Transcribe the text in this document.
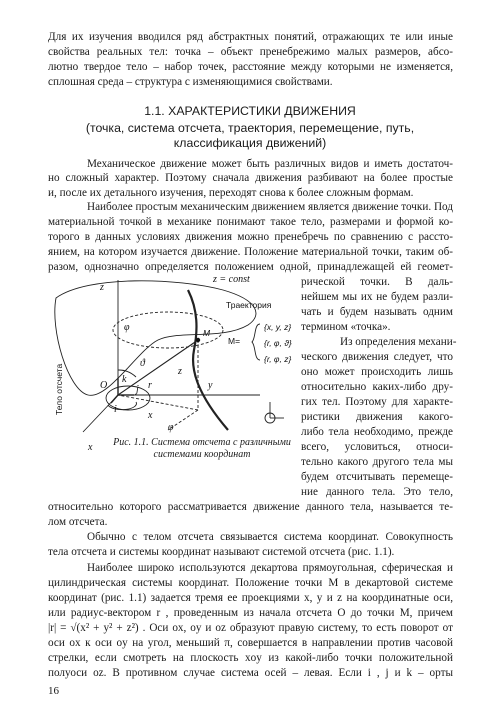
Для их изучения вводился ряд абстрактных понятий, отражающих те или иные
свойства реальных тел: точка – объект пренебрежимо малых размеров, абсо-
лютно твердое тело – набор точек, расстояние между которыми не изменяется,
сплошная среда – структура с изменяющимися свойствами.
1.1. ХАРАКТЕРИСТИКИ ДВИЖЕНИЯ
(точка, система отсчета, траектория, перемещение, путь,
классификация движений)
Механическое движение может быть различных видов и иметь достаточ-
но сложный характер. Поэтому сначала движения разбивают на более простые
и, после их детального изучения, переходят снова к более сложным формам.
Наиболее простым механическим движением является движение точки. Под
материальной точкой в механике понимают такое тело, размерами и формой ко-
торого в данных условиях движения можно пренебречь по сравнению с рассто-
янием, на котором изучается движение. Положение материальной точки, таким об-
разом, однозначно определяется положением одной, принадлежащей ей геомет-
рической точки. В даль-
нейшем мы их не будем разли-
чать и будем называть одним
термином «точка».
Из определения механи-
ческого движения следует, что
оно может происходить лишь
относительно каких-либо дру-
гих тел. Поэтому для характе-
ристики движения какого-
либо тела необходимо, прежде
всего, условиться, относи-
тельно какого другого тела мы
будем отсчитывать перемеще-
ние данного тела. Это тело,
относительно которого рассматривается движение данного тела, называется те-
лом отсчета.
z
z = const
φ
ϑ
O
k
j
i
r	y
x
φ
z
x
Траектория
M=
{x, y, z}
{r, φ, ϑ}
{r, φ, z}
M
Тело отсчета
Рис. 1.1. Система отсчета с различными
системами координат
Обычно с телом отсчета связывается система координат. Совокупность
тела отсчета и системы координат называют системой отсчета (рис. 1.1).
Наиболее широко используются декартова прямоугольная, сферическая и
цилиндрическая системы координат. Положение точки M в декартовой системе
координат (рис. 1.1) задается тремя ее проекциями x, y и z на координатные оси,
или радиус-вектором r , проведенным из начала отсчета O до точки M, причем
|r| = √(x² + y² + z²) . Оси ox, oy и oz образуют правую систему, то есть поворот от
оси ox к оси oy на угол, меньший π, совершается в направлении против часовой
стрелки, если смотреть на плоскость xoy из какой-либо точки положительной
полуоси oz. В противном случае система осей – левая. Если i , j и k – орты
16
